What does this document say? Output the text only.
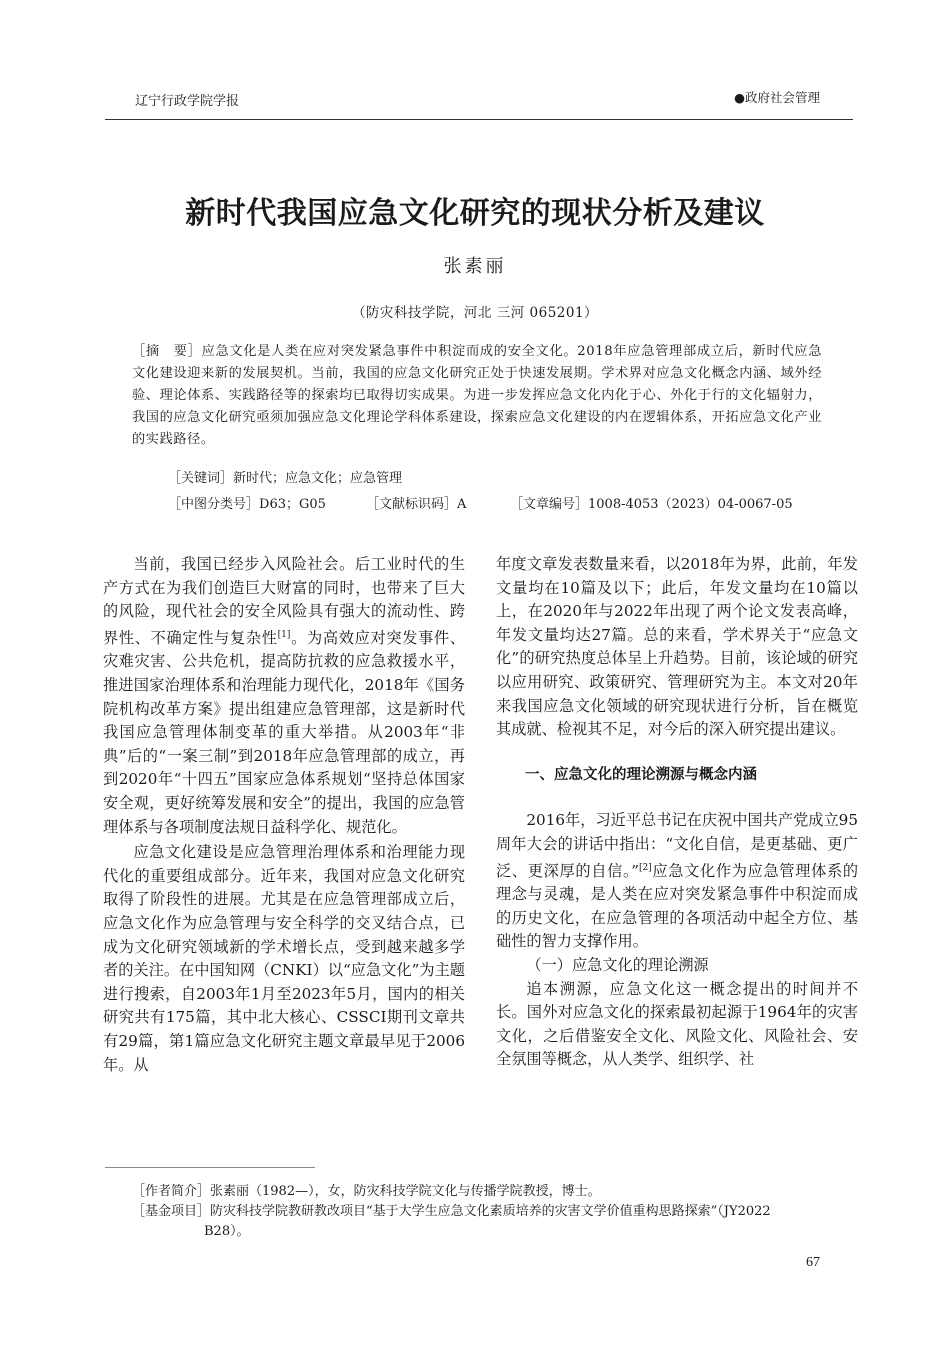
辽宁行政学院学报	●政府社会管理
新时代我国应急文化研究的现状分析及建议
张素丽
（防灾科技学院，河北 三河 065201）
［摘　要］应急文化是人类在应对突发紧急事件中积淀而成的安全文化。2018年应急管理部成立后，新时代应急文化建设迎来新的发展契机。当前，我国的应急文化研究正处于快速发展期。学术界对应急文化概念内涵、域外经验、理论体系、实践路径等的探索均已取得切实成果。为进一步发挥应急文化内化于心、外化于行的文化辐射力，我国的应急文化研究亟须加强应急文化理论学科体系建设，探索应急文化建设的内在逻辑体系，开拓应急文化产业的实践路径。
［关键词］新时代；应急文化；应急管理
［中图分类号］D63；G05	［文献标识码］A	［文章编号］1008-4053（2023）04-0067-05

当前，我国已经步入风险社会。后工业时代的生产方式在为我们创造巨大财富的同时，也带来了巨大的风险，现代社会的安全风险具有强大的流动性、跨界性、不确定性与复杂性[1]。为高效应对突发事件、灾难灾害、公共危机，提高防抗救的应急救援水平，推进国家治理体系和治理能力现代化，2018年《国务院机构改革方案》提出组建应急管理部，这是新时代我国应急管理体制变革的重大举措。从2003年“非典”后的“一案三制”到2018年应急管理部的成立，再到2020年“十四五”国家应急体系规划“坚持总体国家安全观，更好统筹发展和安全”的提出，我国的应急管理体系与各项制度法规日益科学化、规范化。

应急文化建设是应急管理治理体系和治理能力现代化的重要组成部分。近年来，我国对应急文化研究取得了阶段性的进展。尤其是在应急管理部成立后，应急文化作为应急管理与安全科学的交叉结合点，已成为文化研究领域新的学术增长点，受到越来越多学者的关注。在中国知网（CNKI）以“应急文化”为主题进行搜索，自2003年1月至2023年5月，国内的相关研究共有175篇，其中北大核心、CSSCI期刊文章共有29篇，第1篇应急文化研究主题文章最早见于2006年。从

年度文章发表数量来看，以2018年为界，此前，年发文量均在10篇及以下；此后，年发文量均在10篇以上，在2020年与2022年出现了两个论文发表高峰，年发文量均达27篇。总的来看，学术界关于“应急文化”的研究热度总体呈上升趋势。目前，该论域的研究以应用研究、政策研究、管理研究为主。本文对20年来我国应急文化领域的研究现状进行分析，旨在概览其成就、检视其不足，对今后的深入研究提出建议。

一、应急文化的理论溯源与概念内涵

2016年，习近平总书记在庆祝中国共产党成立95周年大会的讲话中指出：“文化自信，是更基础、更广泛、更深厚的自信。”[2]应急文化作为应急管理体系的理念与灵魂，是人类在应对突发紧急事件中积淀而成的历史文化，在应急管理的各项活动中起全方位、基础性的智力支撑作用。

（一）应急文化的理论溯源

追本溯源，应急文化这一概念提出的时间并不长。国外对应急文化的探索最初起源于1964年的灾害文化，之后借鉴安全文化、风险文化、风险社会、安全氛围等概念，从人类学、组织学、社

［作者简介］张素丽（1982—），女，防灾科技学院文化与传播学院教授，博士。
［基金项目］防灾科技学院教研教改项目“基于大学生应急文化素质培养的灾害文学价值重构思路探索”（JY2022
B28）。
67
